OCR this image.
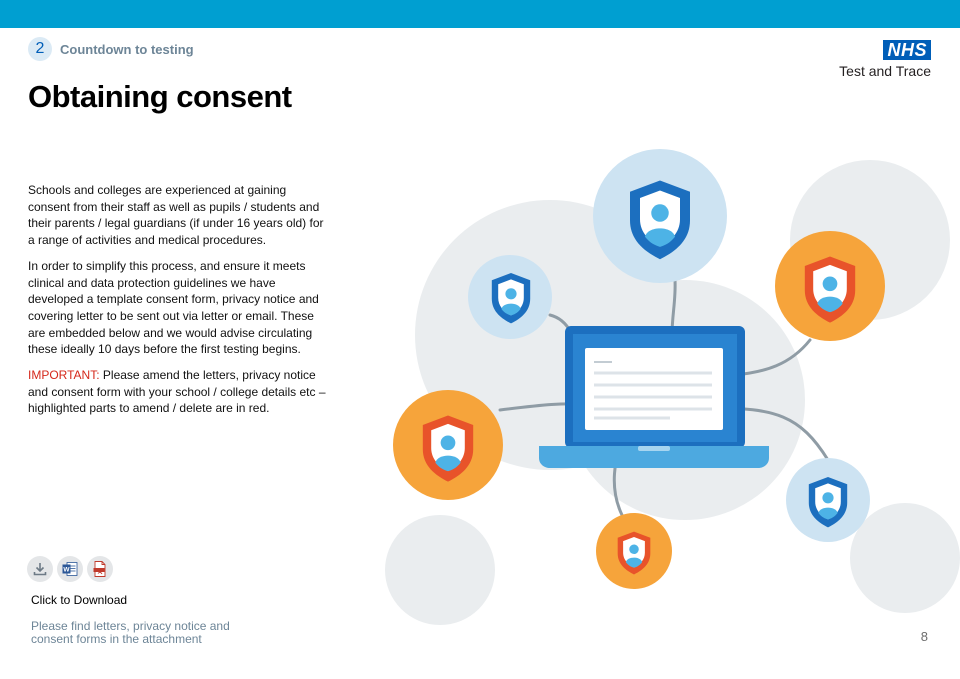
2	Countdown to testing	NHS
Test and Trace
Obtaining consent

Schools and colleges are experienced at gaining consent from their staff as well as pupils / students and their parents / legal guardians (if under 16 years old) for a range of activities and medical procedures.

In order to simplify this process, and ensure it meets clinical and data protection guidelines we have developed a template consent form, privacy notice and covering letter to be sent out via letter or email. These are embedded below and we would advise circulating these ideally 10 days before the first testing begins.

IMPORTANT: Please amend the letters, privacy notice and consent form with your school / college details etc – highlighted parts to amend / delete are in red.

W
Click to Download
Please find letters, privacy notice and consent forms in the attachment	8
